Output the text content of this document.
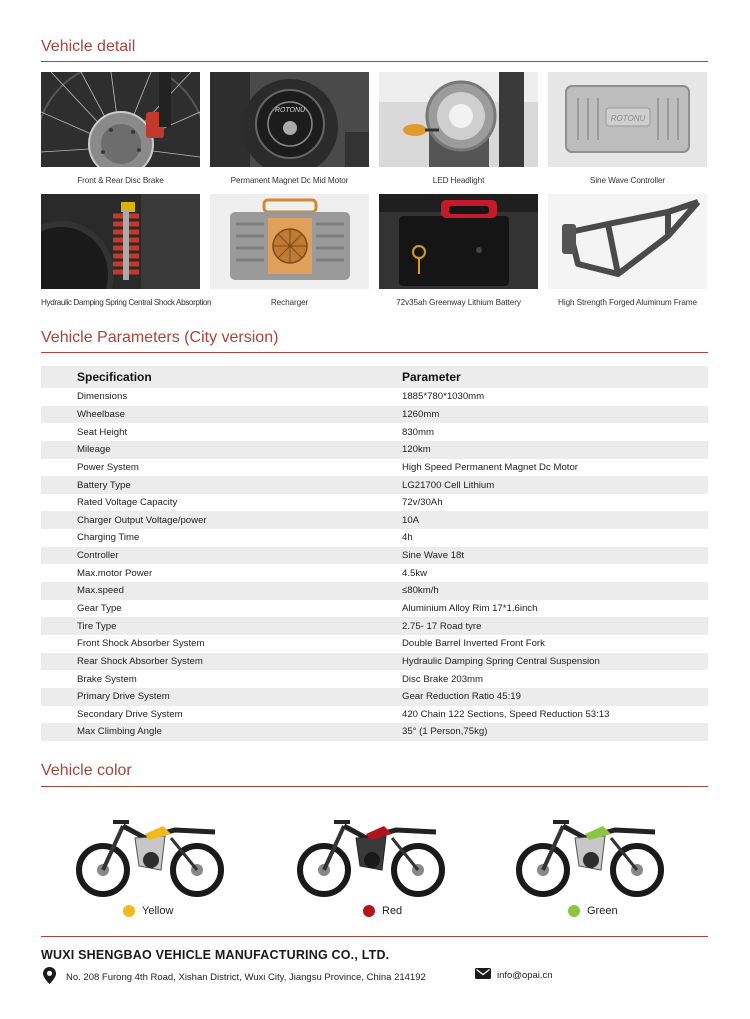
Vehicle detail
Front & Rear Disc Brake
ROTONU
Permanent Magnet Dc Mid Motor	LED Headlight
ROTONU
Sine Wave Controller
Hydraulic Damping Spring Central Shock Absorption	Recharger	72v35ah Greenway Lithium Battery	High Strength Forged Aluminum Frame
Vehicle Parameters (City version)
Specification	Parameter
Dimensions	1885*780*1030mm
Wheelbase	1260mm
Seat Height	830mm
Mileage	120km
Power System	High Speed Permanent Magnet Dc Motor
Battery Type	LG21700 Cell Lithium
Rated Voltage Capacity	72v/30Ah
Charger Output Voltage/power	10A
Charging Time	4h
Controller	Sine Wave 18t
Max.motor Power	4.5kw
Max.speed	≤80km/h
Gear Type	Aluminium Alloy Rim 17*1.6inch
Tire Type	2.75- 17 Road tyre
Front Shock Absorber System	Double Barrel Inverted Front Fork
Rear Shock Absorber System	Hydraulic Damping Spring Central Suspension
Brake System	Disc Brake 203mm
Primary Drive System	Gear Reduction Ratio 45:19
Secondary Drive System	420 Chain 122 Sections, Speed Reduction 53:13
Max Climbing Angle	35° (1 Person,75kg)
Vehicle color
Yellow	Red	Green
WUXI SHENGBAO VEHICLE MANUFACTURING CO., LTD.
No. 208 Furong 4th Road, Xishan District, Wuxi City, Jiangsu Province, China 214192	info@opai.cn
